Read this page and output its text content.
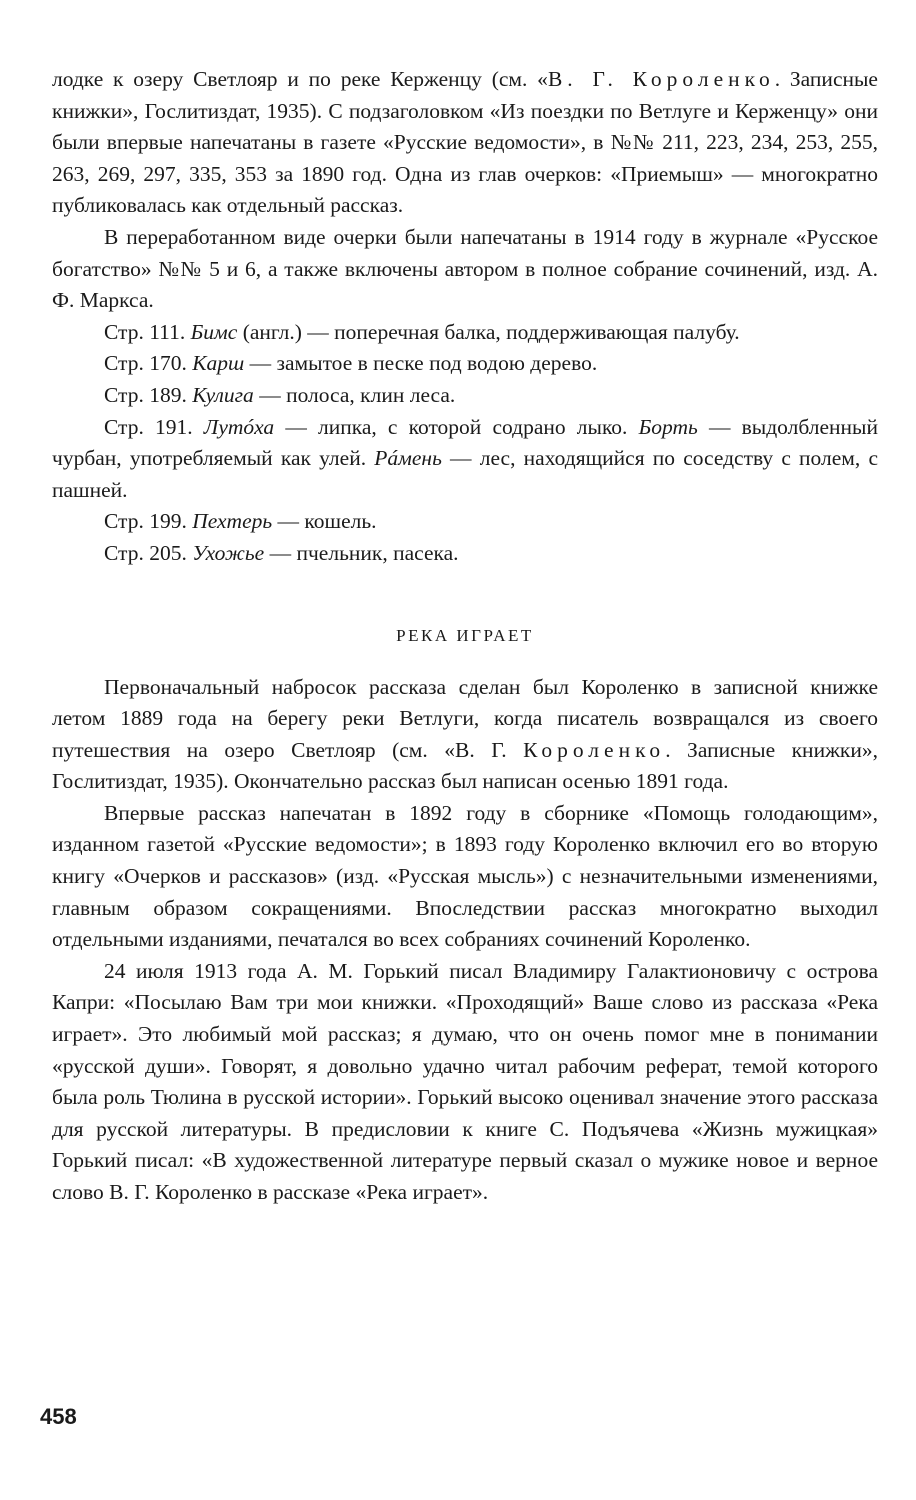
лодке к озеру Светлояр и по реке Керженцу (см. «В. Г. Короленко. Записные книжки», Гослитиздат, 1935). С подзаголовком «Из поездки по Ветлуге и Керженцу» они были впервые напечатаны в газете «Русские ведомости», в №№ 211, 223, 234, 253, 255, 263, 269, 297, 335, 353 за 1890 год. Одна из глав очерков: «Приемыш» — многократно публиковалась как отдельный рассказ.

В переработанном виде очерки были напечатаны в 1914 году в журнале «Русское богатство» №№ 5 и 6, а также включены автором в полное собрание сочинений, изд. А. Ф. Маркса.

Стр. 111. Бимс (англ.) — поперечная балка, поддерживающая палубу.

Стр. 170. Карш — замытое в песке под водою дерево.

Стр. 189. Кулига — полоса, клин леса.

Стр. 191. Лутóха — липка, с которой содрано лыко. Борть — выдолбленный чурбан, употребляемый как улей. Рáмень — лес, находящийся по соседству с полем, с пашней.

Стр. 199. Пехтерь — кошель.

Стр. 205. Ухожье — пчельник, пасека.

РЕКА ИГРАЕТ

Первоначальный набросок рассказа сделан был Короленко в записной книжке летом 1889 года на берегу реки Ветлуги, когда писатель возвращался из своего путешествия на озеро Светлояр (см. «В. Г. Короленко. Записные книжки», Гослитиздат, 1935). Окончательно рассказ был написан осенью 1891 года.

Впервые рассказ напечатан в 1892 году в сборнике «Помощь голодающим», изданном газетой «Русские ведомости»; в 1893 году Короленко включил его во вторую книгу «Очерков и рассказов» (изд. «Русская мысль») с незначительными изменениями, главным образом сокращениями. Впоследствии рассказ многократно выходил отдельными изданиями, печатался во всех собраниях сочинений Короленко.

24 июля 1913 года А. М. Горький писал Владимиру Галактионовичу с острова Капри: «Посылаю Вам три мои книжки. «Проходящий» Ваше слово из рассказа «Река играет». Это любимый мой рассказ; я думаю, что он очень помог мне в понимании «русской души». Говорят, я довольно удачно читал рабочим реферат, темой которого была роль Тюлина в русской истории». Горький высоко оценивал значение этого рассказа для русской литературы. В предисловии к книге С. Подъячева «Жизнь мужицкая» Горький писал: «В художественной литературе первый сказал о мужике новое и верное слово В. Г. Короленко в рассказе «Река играет».

458
